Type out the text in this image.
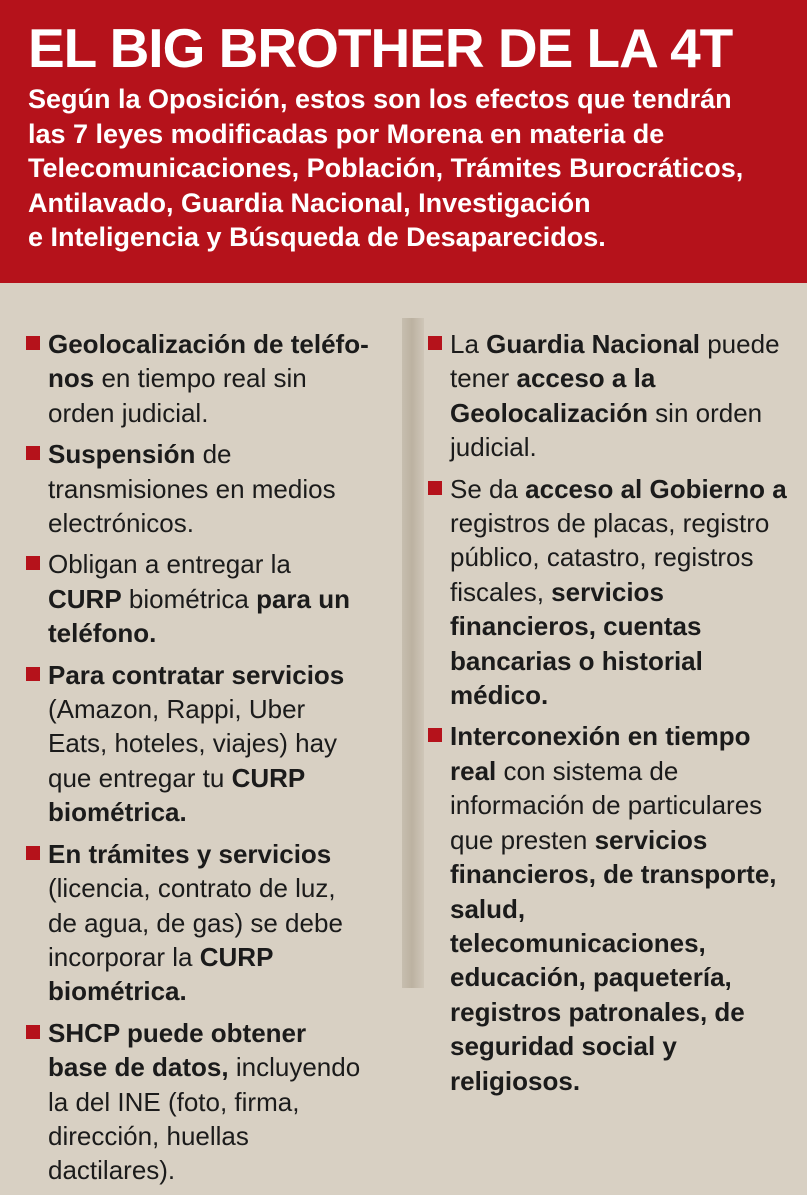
EL BIG BROTHER DE LA 4T

Según la Oposición, estos son los efectos que tendrán
las 7 leyes modificadas por Morena en materia de
Telecomunicaciones, Población, Trámites Burocráticos,
Antilavado, Guardia Nacional, Investigación
e Inteligencia y Búsqueda de Desaparecidos.

Geolocalización de teléfo-nos en tiempo real sin orden judicial.
Suspensión de transmisiones en medios electrónicos.
Obligan a entregar la CURP biométrica para un teléfono.
Para contratar servicios (Amazon, Rappi, Uber Eats, hoteles, viajes) hay que entregar tu CURP biométrica.
En trámites y servicios (licencia, contrato de luz, de agua, de gas) se debe incorporar la CURP biométrica.
SHCP puede obtener base de datos, incluyendo la del INE (foto, firma, dirección, huellas dactilares).
La Guardia Nacional puede tener acceso a la Geolocalización sin orden judicial.
Se da acceso al Gobierno a registros de placas, registro público, catastro, registros fiscales, servicios financieros, cuentas bancarias o historial médico.
Interconexión en tiempo real con sistema de información de particulares que presten servicios financieros, de transporte, salud, telecomunicaciones, educación, paquetería, registros patronales, de seguridad social y religiosos.
